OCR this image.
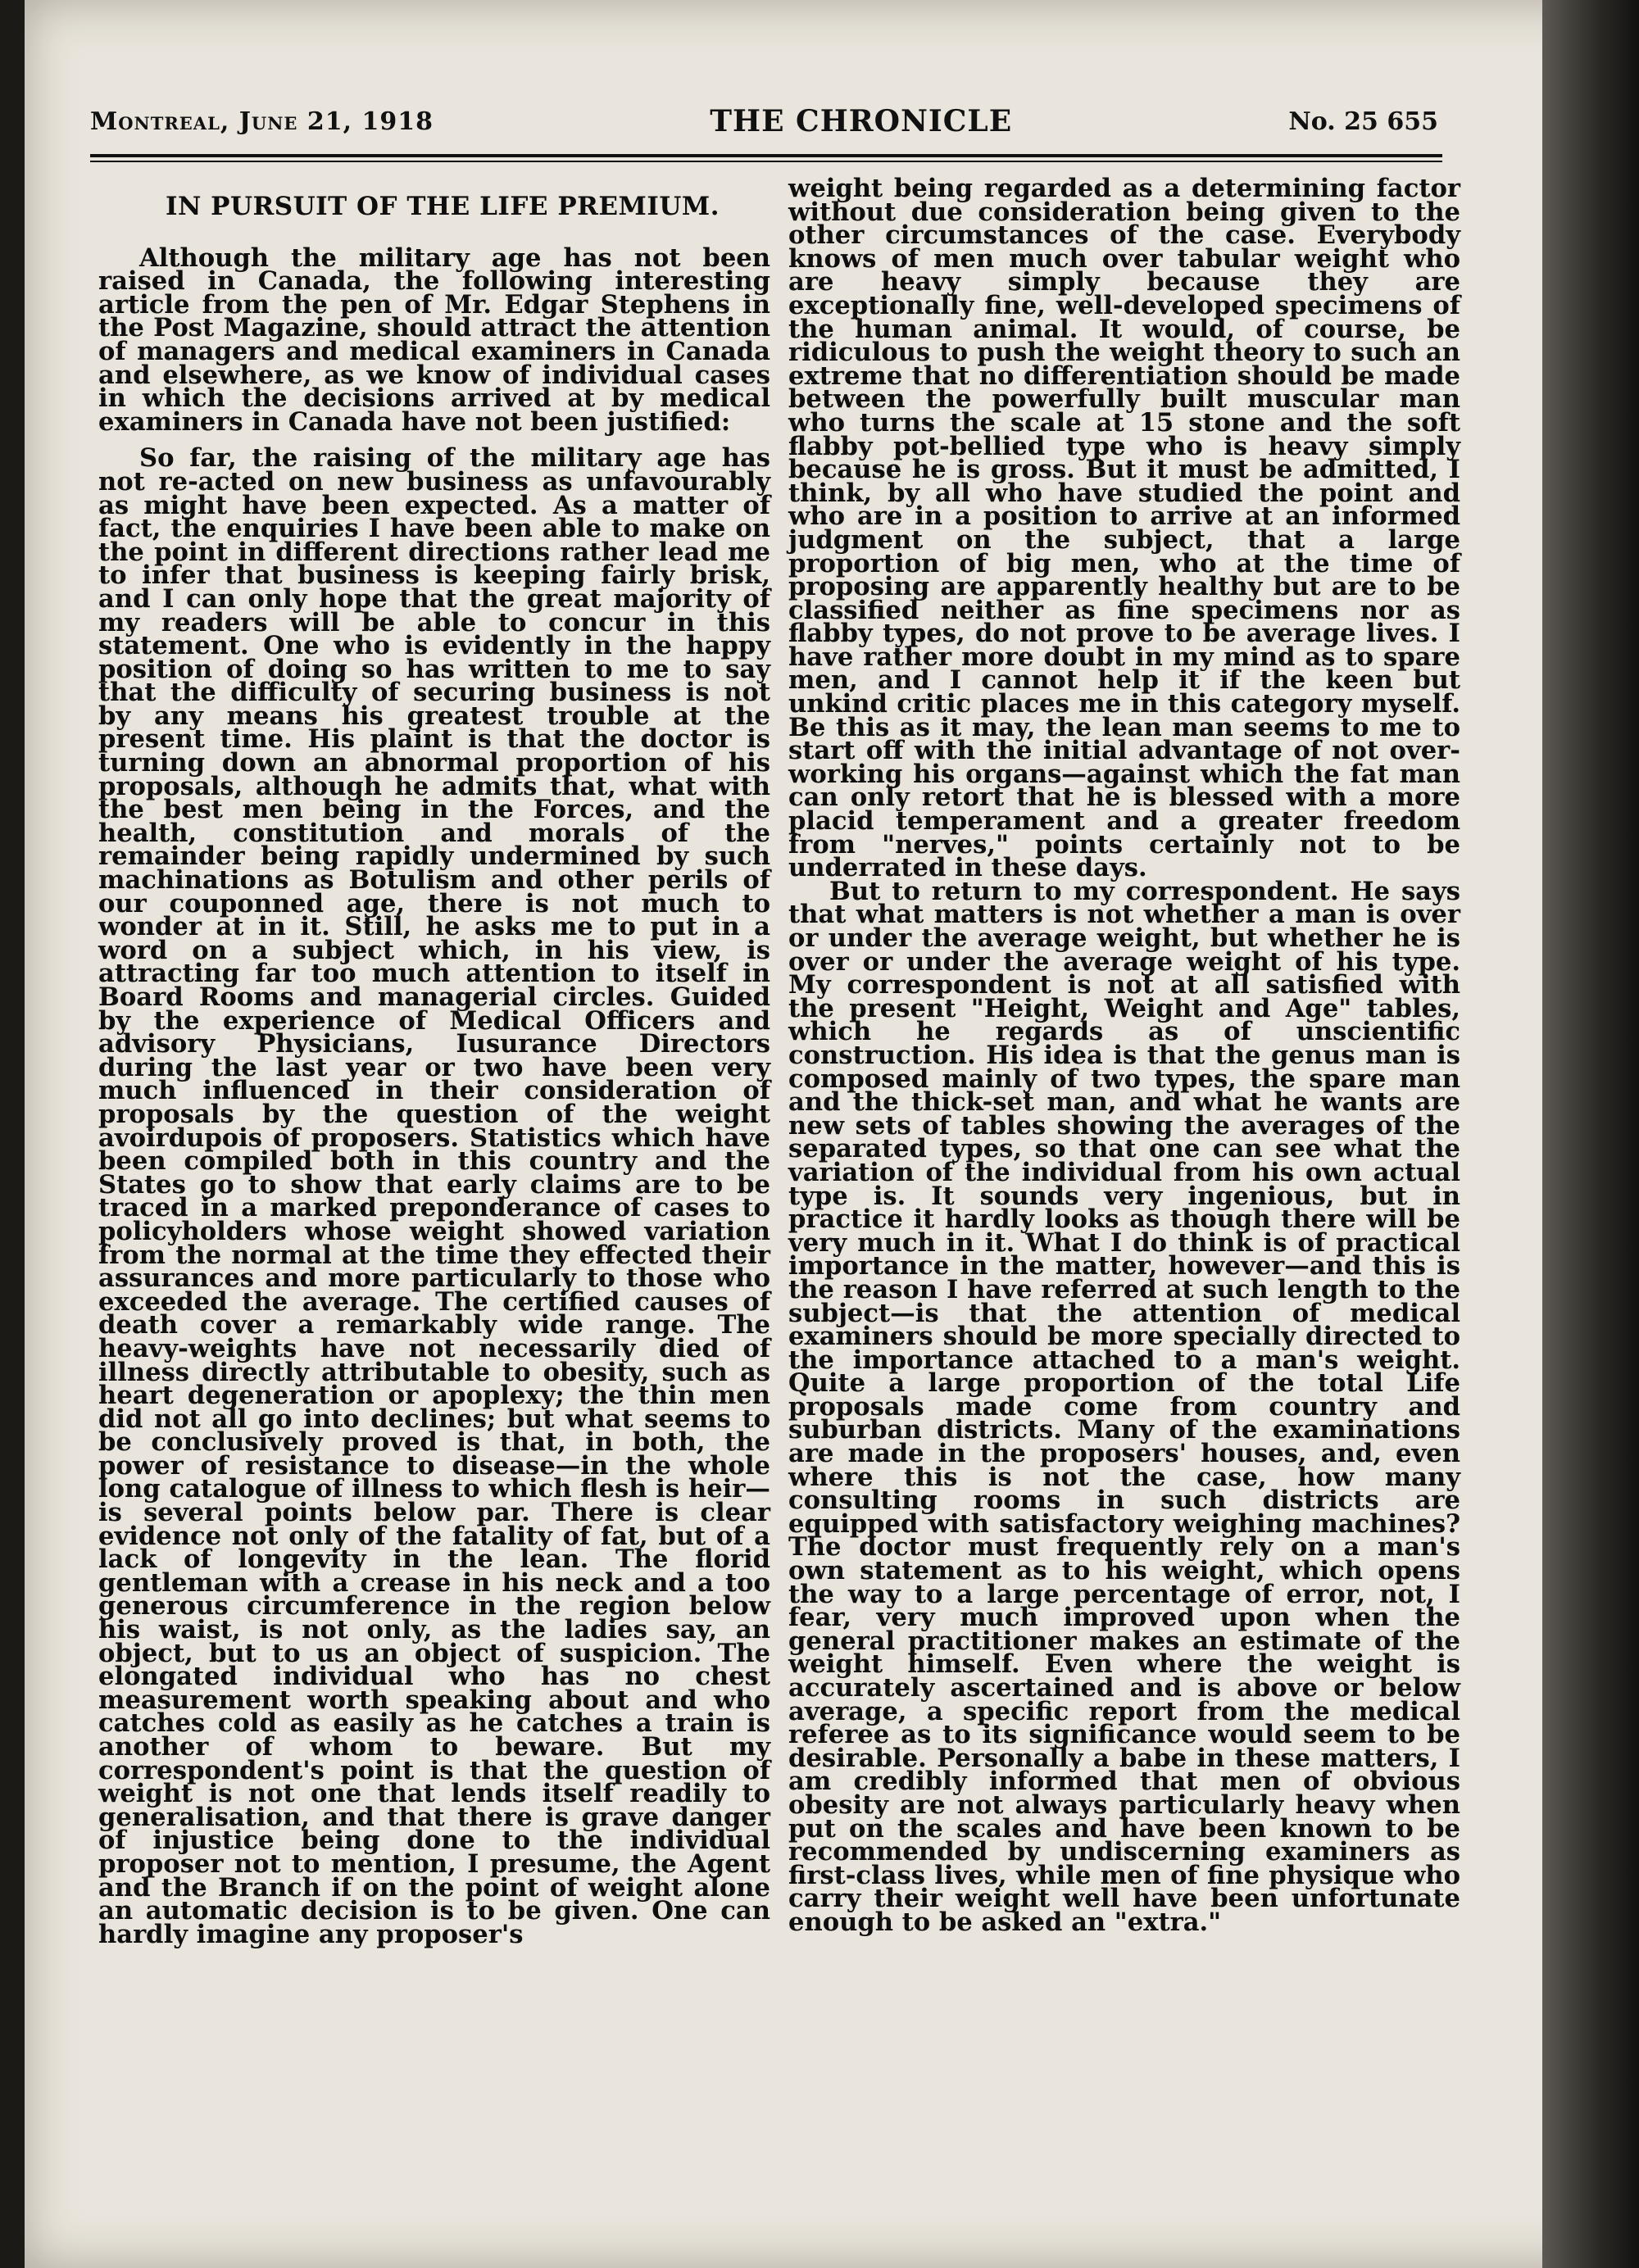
Montreal, June 21, 1918	THE CHRONICLE	No. 25 655
IN PURSUIT OF THE LIFE PREMIUM.

Although the military age has not been raised in Canada, the following interesting article from the pen of Mr. Edgar Stephens in the Post Magazine, should attract the attention of managers and medical examiners in Canada and elsewhere, as we know of individual cases in which the decisions arrived at by medical examiners in Canada have not been justified:

So far, the raising of the military age has not re-acted on new business as unfavourably as might have been expected. As a matter of fact, the enquiries I have been able to make on the point in different directions rather lead me to infer that business is keeping fairly brisk, and I can only hope that the great majority of my readers will be able to concur in this statement. One who is evidently in the happy position of doing so has written to me to say that the difficulty of securing business is not by any means his greatest trouble at the present time. His plaint is that the doctor is turning down an abnormal proportion of his proposals, although he admits that, what with the best men being in the Forces, and the health, constitution and morals of the remainder being rapidly undermined by such machinations as Botulism and other perils of our couponned age, there is not much to wonder at in it. Still, he asks me to put in a word on a subject which, in his view, is attracting far too much attention to itself in Board Rooms and managerial circles. Guided by the experience of Medical Officers and advisory Physicians, Iusurance Directors during the last year or two have been very much influenced in their consideration of proposals by the question of the weight avoirdupois of proposers. Statistics which have been compiled both in this country and the States go to show that early claims are to be traced in a marked preponderance of cases to policyholders whose weight showed variation from the normal at the time they effected their assurances and more particularly to those who exceeded the average. The certified causes of death cover a remarkably wide range. The heavy-weights have not necessarily died of illness directly attributable to obesity, such as heart degeneration or apoplexy; the thin men did not all go into declines; but what seems to be conclusively proved is that, in both, the power of resistance to disease—in the whole long catalogue of illness to which flesh is heir—is several points below par. There is clear evidence not only of the fatality of fat, but of a lack of longevity in the lean. The florid gentleman with a crease in his neck and a too generous circumference in the region below his waist, is not only, as the ladies say, an object, but to us an object of suspicion. The elongated individual who has no chest measurement worth speaking about and who catches cold as easily as he catches a train is another of whom to beware. But my correspondent's point is that the question of weight is not one that lends itself readily to generalisation, and that there is grave danger of injustice being done to the individual proposer not to mention, I presume, the Agent and the Branch if on the point of weight alone an automatic decision is to be given. One can hardly imagine any proposer's

weight being regarded as a determining factor without due consideration being given to the other circumstances of the case. Everybody knows of men much over tabular weight who are heavy simply because they are exceptionally fine, well-developed specimens of the human animal. It would, of course, be ridiculous to push the weight theory to such an extreme that no differentiation should be made between the powerfully built muscular man who turns the scale at 15 stone and the soft flabby pot-bellied type who is heavy simply because he is gross. But it must be admitted, I think, by all who have studied the point and who are in a position to arrive at an informed judgment on the subject, that a large proportion of big men, who at the time of proposing are apparently healthy but are to be classified neither as fine specimens nor as flabby types, do not prove to be average lives. I have rather more doubt in my mind as to spare men, and I cannot help it if the keen but unkind critic places me in this category myself. Be this as it may, the lean man seems to me to start off with the initial advantage of not over-working his organs—against which the fat man can only retort that he is blessed with a more placid temperament and a greater freedom from "nerves," points certainly not to be underrated in these days.

But to return to my correspondent. He says that what matters is not whether a man is over or under the average weight, but whether he is over or under the average weight of his type. My correspondent is not at all satisfied with the present "Height, Weight and Age" tables, which he regards as of unscientific construction. His idea is that the genus man is composed mainly of two types, the spare man and the thick-set man, and what he wants are new sets of tables showing the averages of the separated types, so that one can see what the variation of the individual from his own actual type is. It sounds very ingenious, but in practice it hardly looks as though there will be very much in it. What I do think is of practical importance in the matter, however—and this is the reason I have referred at such length to the subject—is that the attention of medical examiners should be more specially directed to the importance attached to a man's weight. Quite a large proportion of the total Life proposals made come from country and suburban districts. Many of the examinations are made in the proposers' houses, and, even where this is not the case, how many consulting rooms in such districts are equipped with satisfactory weighing machines? The doctor must frequently rely on a man's own statement as to his weight, which opens the way to a large percentage of error, not, I fear, very much improved upon when the general practitioner makes an estimate of the weight himself. Even where the weight is accurately ascertained and is above or below average, a specific report from the medical referee as to its significance would seem to be desirable. Personally a babe in these matters, I am credibly informed that men of obvious obesity are not always particularly heavy when put on the scales and have been known to be recommended by undiscerning examiners as first-class lives, while men of fine physique who carry their weight well have been unfortunate enough to be asked an "extra."
